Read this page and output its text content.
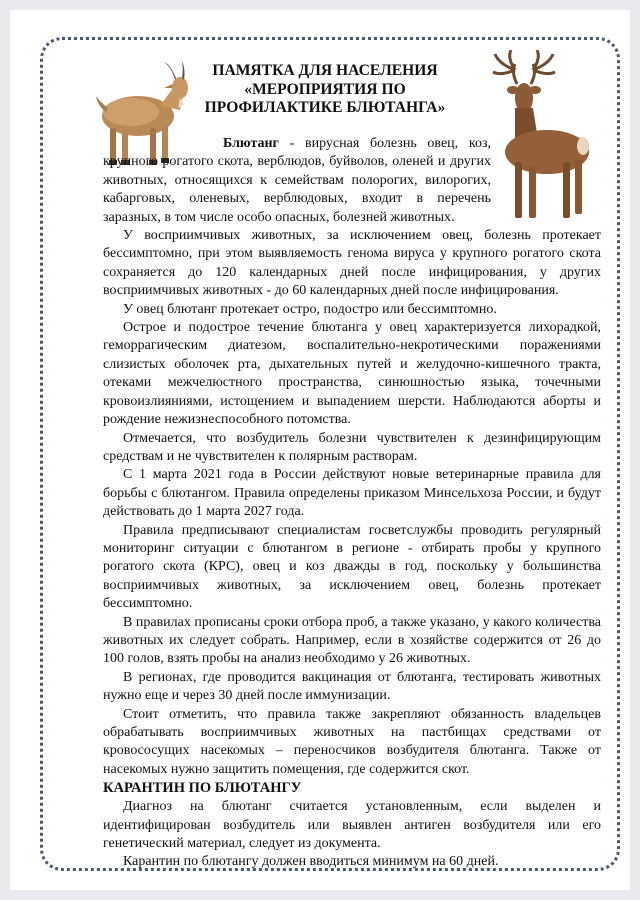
ПАМЯТКА ДЛЯ НАСЕЛЕНИЯ
«МЕРОПРИЯТИЯ ПО
ПРОФИЛАКТИКЕ БЛЮТАНГА»

Блютанг - вирусная болезнь овец, коз, крупного рогатого скота, верблюдов, буйволов, оленей и других животных, относящихся к семействам полорогих, вилорогих, кабарговых, оленевых, верблюдовых, входит в перечень заразных, в том числе особо опасных, болезней животных.

У восприимчивых животных, за исключением овец, болезнь протекает бессимптомно, при этом выявляемость генома вируса у крупного рогатого скота сохраняется до 120 календарных дней после инфицирования, у других восприимчивых животных - до 60 календарных дней после инфицирования.

У овец блютанг протекает остро, подостро или бессимптомно.

Острое и подострое течение блютанга у овец характеризуется лихорадкой, геморрагическим диатезом, воспалительно-некротическими поражениями слизистых оболочек рта, дыхательных путей и желудочно-кишечного тракта, отеками межчелюстного пространства, синюшностью языка, точечными кровоизлияниями, истощением и выпадением шерсти. Наблюдаются аборты и рождение нежизнеспособного потомства.

Отмечается, что возбудитель болезни чувствителен к дезинфицирующим средствам и не чувствителен к полярным растворам.

С 1 марта 2021 года в России действуют новые ветеринарные правила для борьбы с блютангом. Правила определены приказом Минсельхоза России, и будут действовать до 1 марта 2027 года.

Правила предписывают специалистам госветслужбы проводить регулярный мониторинг ситуации с блютангом в регионе - отбирать пробы у крупного рогатого скота (КРС), овец и коз дважды в год, поскольку у большинства восприимчивых животных, за исключением овец, болезнь протекает бессимптомно.

В правилах прописаны сроки отбора проб, а также указано, у какого количества животных их следует собрать. Например, если в хозяйстве содержится от 26 до 100 голов, взять пробы на анализ необходимо у 26 животных.

В регионах, где проводится вакцинация от блютанга, тестировать животных нужно еще и через 30 дней после иммунизации.

Стоит отметить, что правила также закрепляют обязанность владельцев обрабатывать восприимчивых животных на пастбищах средствами от кровососущих насекомых – переносчиков возбудителя блютанга. Также от насекомых нужно защитить помещения, где содержится скот.

КАРАНТИН ПО БЛЮТАНГУ

Диагноз на блютанг считается установленным, если выделен и идентифицирован возбудитель или выявлен антиген возбудителя или его генетический материал, следует из документа.

Карантин по блютангу должен вводиться минимум на 60 дней.
